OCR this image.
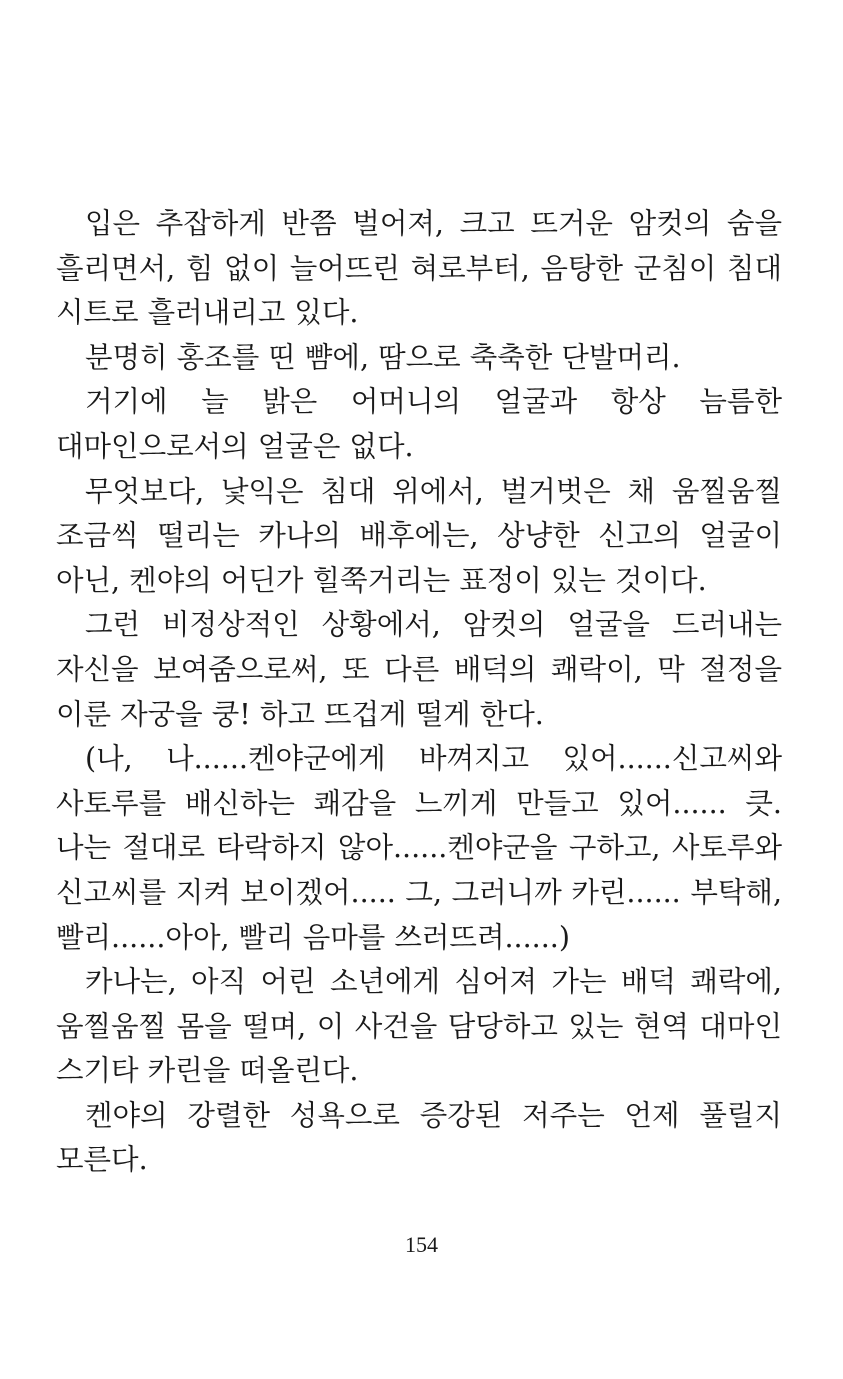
입은 추잡하게 반쯤 벌어져, 크고 뜨거운 암컷의 숨을 흘리면서, 힘 없이 늘어뜨린 혀로부터, 음탕한 군침이 침대 시트로 흘러내리고 있다.

분명히 홍조를 띤 뺨에, 땀으로 축축한 단발머리.

거기에 늘 밝은 어머니의 얼굴과 항상 늠름한 대마인으로서의 얼굴은 없다.

무엇보다, 낯익은 침대 위에서, 벌거벗은 채 움찔움찔 조금씩 떨리는 카나의 배후에는, 상냥한 신고의 얼굴이 아닌, 켄야의 어딘가 힐쭉거리는 표정이 있는 것이다.

그런 비정상적인 상황에서, 암컷의 얼굴을 드러내는 자신을 보여줌으로써, 또 다른 배덕의 쾌락이, 막 절정을 이룬 자궁을 쿵! 하고 뜨겁게 떨게 한다.

(나, 나......켄야군에게 바껴지고 있어......신고씨와 사토루를 배신하는 쾌감을 느끼게 만들고 있어...... 큿. 나는 절대로 타락하지 않아......켄야군을 구하고, 사토루와 신고씨를 지켜 보이겠어..... 그, 그러니까 카린...... 부탁해, 빨리......아아, 빨리 음마를 쓰러뜨려......)

카나는, 아직 어린 소년에게 심어져 가는 배덕 쾌락에, 움찔움찔 몸을 떨며, 이 사건을 담당하고 있는 현역 대마인 스기타 카린을 떠올린다.

켄야의 강렬한 성욕으로 증강된 저주는 언제 풀릴지 모른다.

154
